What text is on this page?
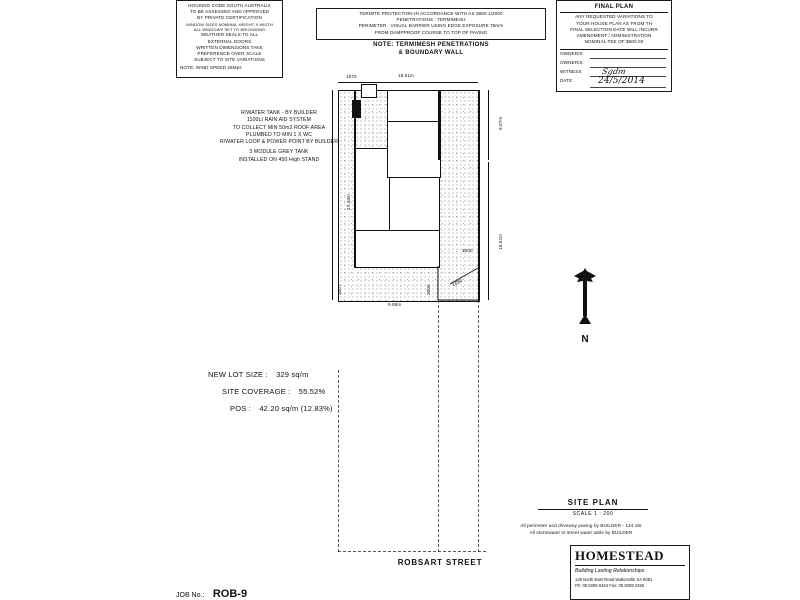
HOUSING CODE SOUTH AUSTRALIA
TO BE ASSESSED AND APPROVED
BY PRIVATE CERTIFICATION
WINDOW SIZES NOMINAL HEIGHT X WIDTH
ALL WINDOWS SET TO BRICKBOND
WEATHER SEALS TO ALL
EXTERNAL DOORS
WRITTEN DIMENSIONS TAKE
PREFERENCE OVER SCALE
SUBJECT TO SITE VARIATIONS
NOTE: WIND SPEED 28Mps
TERMITE PROTECTION IN ACCORDANCE WITH AS 3660.1/2000
PENETRATIONS : TERMIMESH
PERIMETER : VISUAL BARRIER USING EDGE EXPOSURE 75mm
FROM DAMPPROOF COURSE TO TOP OF PAVING
NOTE: TERMIMESH PENETRATIONS
& BOUNDARY WALL
FINAL PLAN
ANY REQUESTED VARIATIONS TO
YOUR HOUSE PLAN AS FROM TH
FINAL SELECTION DATE WILL INCURR
AMENDMENT / ADMINISTRATION
NOMINAL FEE OF $500.00
OWNER/S
OWNER/S
WITNESS Sgdm
DATE	24/5/2014
R/WATER TANK - BY BUILDER
1100Lt RAIN AID SYSTEM
TO COLLECT MIN 50m2 ROOF AREA
PLUMBED TO MIN 1 X WC
R/WATER LOOP & POWER POINT BY BUILDER
3 MODULE GREY TANK
INSTALLED ON 450 High STAND
1570	18.51m
9.07m
18.52m
27.43m
9.88m
3007	2000
1680
3000
NEW LOT SIZE : 329 sq/m
SITE COVERAGE : 55.52%
POS : 42.20 sq/m (12.83%)
N
SITE PLAN
SCALE 1 : 200
All perimeter and driveway paving by BUILDER - 124.16r
All stormwater to street water table by BUILDER
ROBSART STREET	HOMESTEAD
Building Lasting Relationships
128 North East Road Walkerville SA 5081
Ph: 08 8269 9344 Fax: 08 8269 2455
JOB No.: ROB-9
